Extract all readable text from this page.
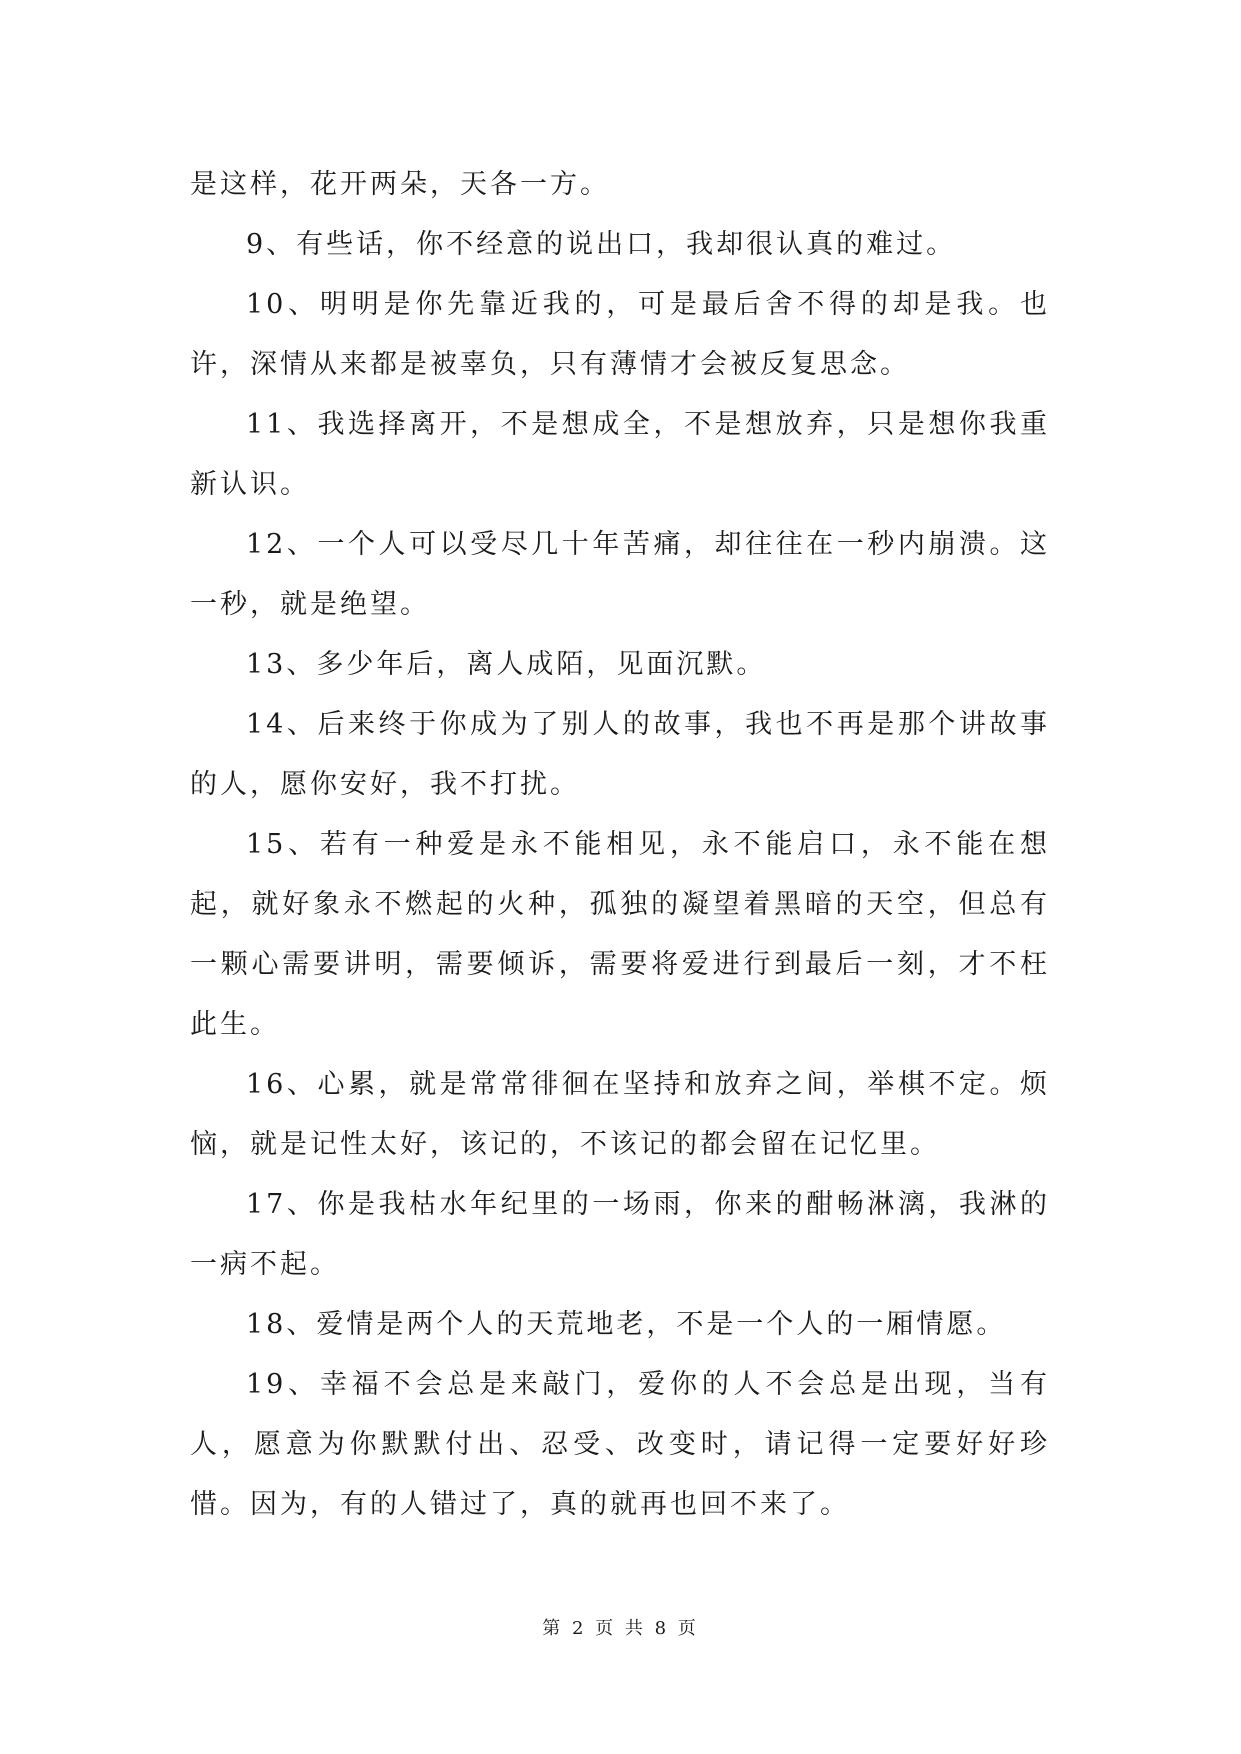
是这样，花开两朵，天各一方。

9、有些话，你不经意的说出口，我却很认真的难过。

10、明明是你先靠近我的，可是最后舍不得的却是我。也许，深情从来都是被辜负，只有薄情才会被反复思念。

11、我选择离开，不是想成全，不是想放弃，只是想你我重新认识。

12、一个人可以受尽几十年苦痛，却往往在一秒内崩溃。这一秒，就是绝望。

13、多少年后，离人成陌，见面沉默。

14、后来终于你成为了别人的故事，我也不再是那个讲故事的人，愿你安好，我不打扰。

15、若有一种爱是永不能相见，永不能启口，永不能在想起，就好象永不燃起的火种，孤独的凝望着黑暗的天空，但总有一颗心需要讲明，需要倾诉，需要将爱进行到最后一刻，才不枉此生。

16、心累，就是常常徘徊在坚持和放弃之间，举棋不定。烦恼，就是记性太好，该记的，不该记的都会留在记忆里。

17、你是我枯水年纪里的一场雨，你来的酣畅淋漓，我淋的一病不起。

18、爱情是两个人的天荒地老，不是一个人的一厢情愿。

19、幸福不会总是来敲门，爱你的人不会总是出现，当有人，愿意为你默默付出、忍受、改变时，请记得一定要好好珍惜。因为，有的人错过了，真的就再也回不来了。

第 2 页 共 8 页
